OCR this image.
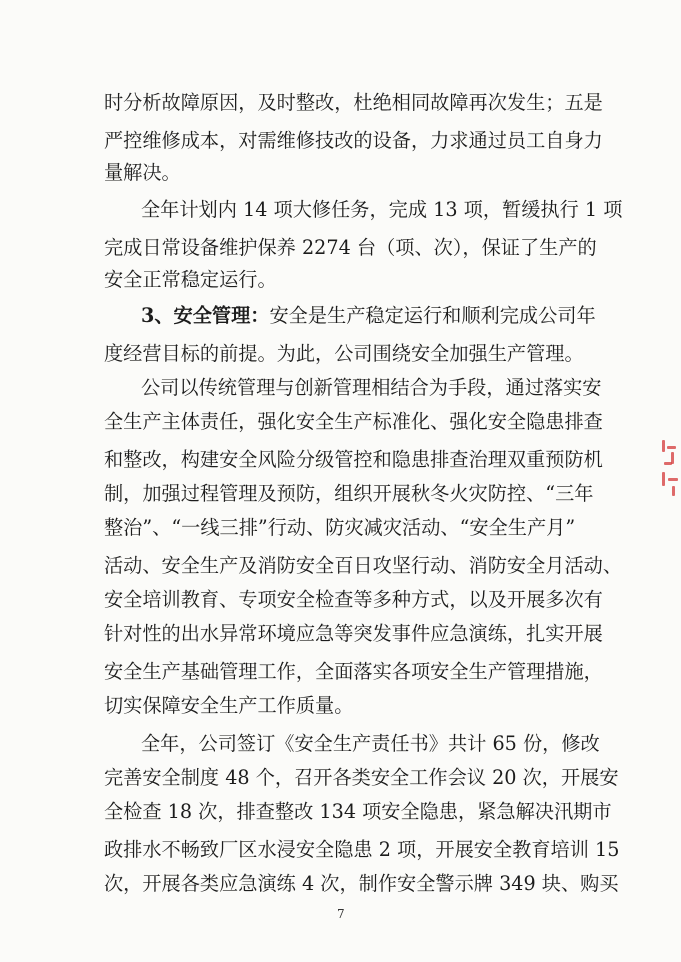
时分析故障原因，及时整改，杜绝相同故障再次发生；五是
严控维修成本，对需维修技改的设备，力求通过员工自身力
量解决。
全年计划内 14 项大修任务，完成 13 项，暂缓执行 1 项
完成日常设备维护保养 2274 台（项、次），保证了生产的
安全正常稳定运行。
3、安全管理：安全是生产稳定运行和顺利完成公司年
度经营目标的前提。为此，公司围绕安全加强生产管理。
公司以传统管理与创新管理相结合为手段，通过落实安
全生产主体责任，强化安全生产标准化、强化安全隐患排查
和整改，构建安全风险分级管控和隐患排查治理双重预防机
制，加强过程管理及预防，组织开展秋冬火灾防控、“三年
整治”、“一线三排”行动、防灾减灾活动、“安全生产月”
活动、安全生产及消防安全百日攻坚行动、消防安全月活动、
安全培训教育、专项安全检查等多种方式，以及开展多次有
针对性的出水异常环境应急等突发事件应急演练，扎实开展
安全生产基础管理工作，全面落实各项安全生产管理措施，
切实保障安全生产工作质量。
全年，公司签订《安全生产责任书》共计 65 份，修改
完善安全制度 48 个，召开各类安全工作会议 20 次，开展安
全检查 18 次，排查整改 134 项安全隐患，紧急解决汛期市
政排水不畅致厂区水浸安全隐患 2 项，开展安全教育培训 15
次，开展各类应急演练 4 次，制作安全警示牌 349 块、购买
7
